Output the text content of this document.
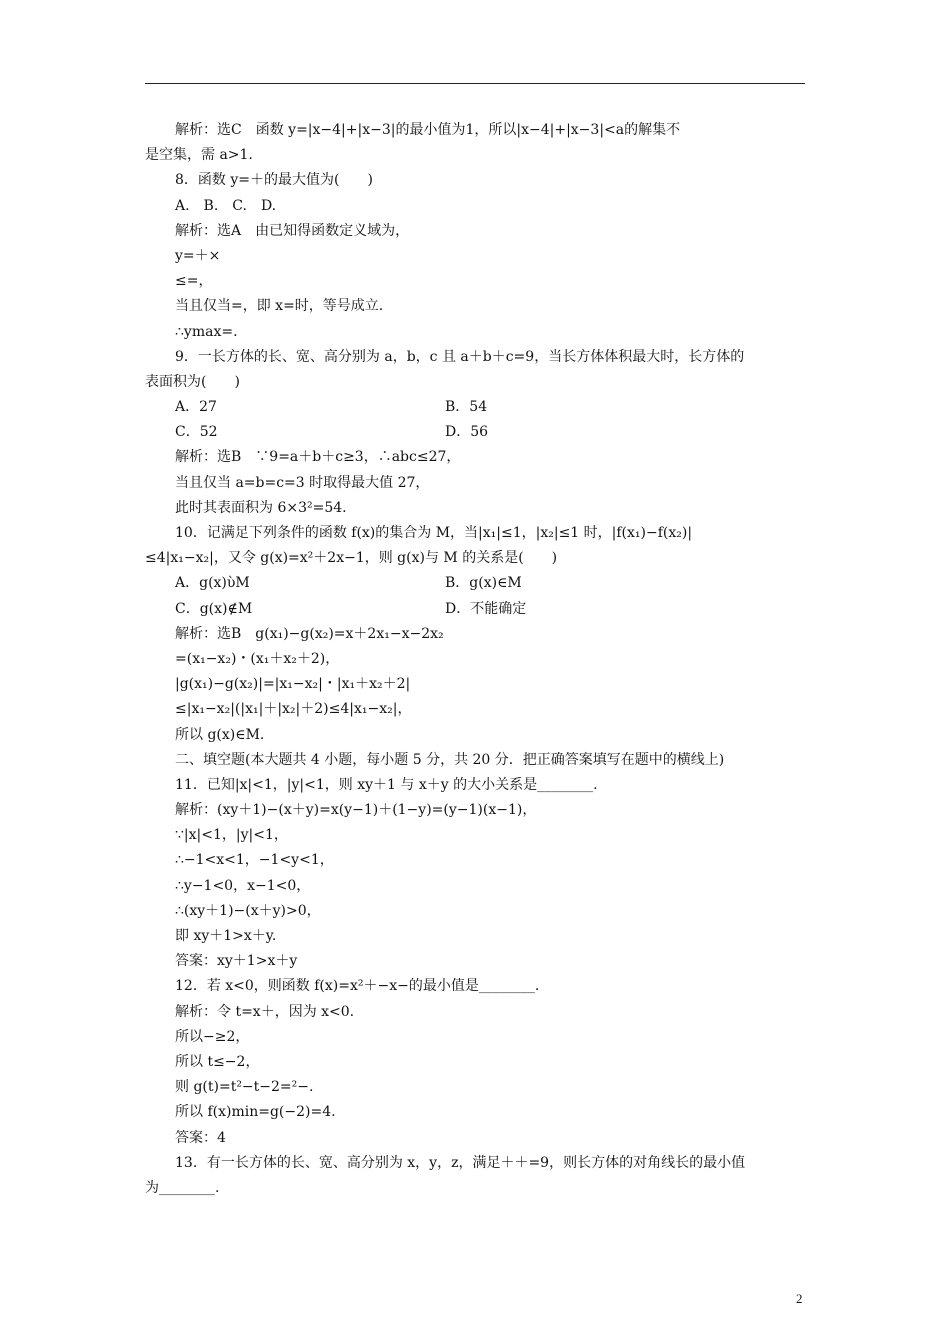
解析：选C　函数 y=|x−4|+|x−3|的最小值为1，所以|x−4|+|x−3|<a的解集不
是空集，需 a>1.
8．函数 y=＋的最大值为(　　)
A.　B.　C.　D.
解析：选A　由已知得函数定义域为，
y=＋×
≤=，
当且仅当=，即 x=时，等号成立.
∴ymax=.
9．一长方体的长、宽、高分别为 a，b，c 且 a＋b＋c=9，当长方体体积最大时，长方体的
表面积为(　　)
A．27	B．54
C．52	D．56
解析：选B　∵9=a＋b＋c≥3，∴abc≤27，
当且仅当 a=b=c=3 时取得最大值 27，
此时其表面积为 6×3²=54.
10．记满足下列条件的函数 f(x)的集合为 M，当|x₁|≤1，|x₂|≤1 时，|f(x₁)−f(x₂)|
≤4|x₁−x₂|，又令 g(x)=x²＋2x−1，则 g(x)与 M 的关系是(　　)
A．g(x)ὺM	B．g(x)∈M
C．g(x)∉M	D．不能确定
解析：选B　g(x₁)−g(x₂)=x＋2x₁−x−2x₂
=(x₁−x₂)・(x₁＋x₂＋2)，
|g(x₁)−g(x₂)|=|x₁−x₂|・|x₁＋x₂＋2|
≤|x₁−x₂|(|x₁|＋|x₂|＋2)≤4|x₁−x₂|，
所以 g(x)∈M.
二、填空题(本大题共 4 小题，每小题 5 分，共 20 分．把正确答案填写在题中的横线上)
11．已知|x|<1，|y|<1，则 xy＋1 与 x＋y 的大小关系是________.
解析：(xy＋1)−(x＋y)=x(y−1)＋(1−y)=(y−1)(x−1)，
∵|x|<1，|y|<1，
∴−1<x<1，−1<y<1，
∴y−1<0，x−1<0，
∴(xy＋1)−(x＋y)>0，
即 xy＋1>x＋y.
答案：xy＋1>x＋y
12．若 x<0，则函数 f(x)=x²＋−x−的最小值是________.
解析：令 t=x＋，因为 x<0.
所以−≥2，
所以 t≤−2，
则 g(t)=t²−t−2=²−.
所以 f(x)min=g(−2)=4.
答案：4
13．有一长方体的长、宽、高分别为 x，y，z，满足＋＋=9，则长方体的对角线长的最小值
为________.
2
